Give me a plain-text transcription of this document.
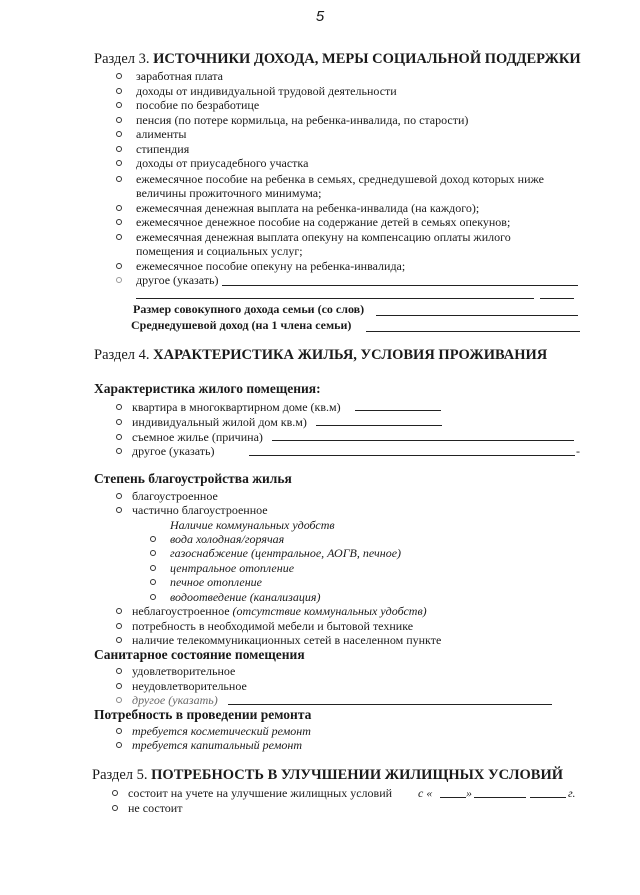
5
Раздел 3. ИСТОЧНИКИ ДОХОДА, МЕРЫ СОЦИАЛЬНОЙ ПОДДЕРЖКИ
заработная плата
доходы от индивидуальной трудовой деятельности
пособие по безработице
пенсия (по потере кормильца, на ребенка-инвалида, по старости)
алименты
стипендия
доходы от приусадебного участка
ежемесячное пособие на ребенка в семьях, среднедушевой доход которых ниже
величины прожиточного минимума;
ежемесячная денежная выплата на ребенка-инвалида (на каждого);
ежемесячное денежное пособие на содержание детей в семьях опекунов;
ежемесячная денежная выплата опекуну на компенсацию оплаты жилого
помещения и социальных услуг;
ежемесячное пособие опекуну на ребенка-инвалида;
другое (указать)
Размер совокупного дохода семьи (со слов)
Среднедушевой доход (на 1 члена семьи)
Раздел 4. ХАРАКТЕРИСТИКА ЖИЛЬЯ, УСЛОВИЯ ПРОЖИВАНИЯ
Характеристика жилого помещения:
квартира в многоквартирном доме (кв.м)
индивидуальный жилой дом кв.м)
съемное жилье (причина)
другое (указать)	-
Степень благоустройства жилья
благоустроенное
частично благоустроенное
Наличие коммунальных удобств
вода холодная/горячая
газоснабжение (центральное, АОГВ, печное)
центральное отопление
печное отопление
водоотведение (канализация)
неблагоустроенное (отсутствие коммунальных удобств)
потребность в необходимой мебели и бытовой технике
наличие телекоммуникационных сетей в населенном пункте
Санитарное состояние помещения
удовлетворительное
неудовлетворительное
другое (указать)
Потребность в проведении ремонта
требуется косметический ремонт
требуется капитальный ремонт
Раздел 5. ПОТРЕБНОСТЬ В УЛУЧШЕНИИ ЖИЛИЩНЫХ УСЛОВИЙ
состоит на учете на улучшение жилищных условий с «	»	г.
не состоит
